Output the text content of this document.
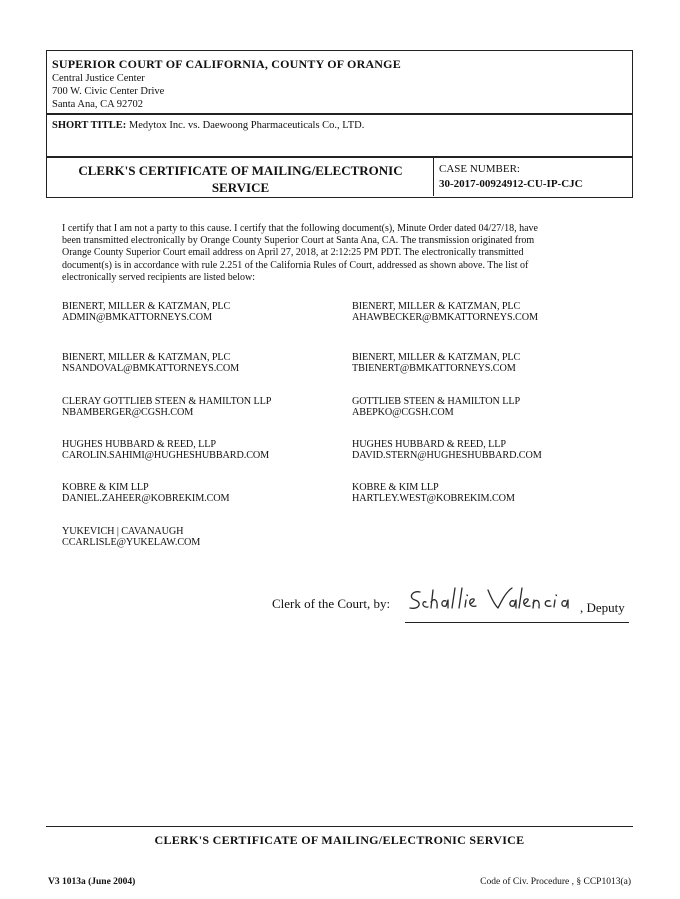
SUPERIOR COURT OF CALIFORNIA, COUNTY OF ORANGE
Central Justice Center
700 W. Civic Center Drive
Santa Ana, CA 92702
SHORT TITLE: Medytox Inc. vs. Daewoong Pharmaceuticals Co., LTD.
CLERK'S CERTIFICATE OF MAILING/ELECTRONIC
SERVICE
CASE NUMBER:
30-2017-00924912-CU-IP-CJC
I certify that I am not a party to this cause. I certify that the following document(s), Minute Order dated 04/27/18, have
been transmitted electronically by Orange County Superior Court at Santa Ana, CA. The transmission originated from
Orange County Superior Court email address on April 27, 2018, at 2:12:25 PM PDT. The electronically transmitted
document(s) is in accordance with rule 2.251 of the California Rules of Court, addressed as shown above. The list of
electronically served recipients are listed below:
BIENERT, MILLER & KATZMAN, PLC
ADMIN@BMKATTORNEYS.COM
BIENERT, MILLER & KATZMAN, PLC
AHAWBECKER@BMKATTORNEYS.COM
BIENERT, MILLER & KATZMAN, PLC
NSANDOVAL@BMKATTORNEYS.COM
BIENERT, MILLER & KATZMAN, PLC
TBIENERT@BMKATTORNEYS.COM
CLERAY GOTTLIEB STEEN & HAMILTON LLP
NBAMBERGER@CGSH.COM
GOTTLIEB STEEN & HAMILTON LLP
ABEPKO@CGSH.COM
HUGHES HUBBARD & REED, LLP
CAROLIN.SAHIMI@HUGHESHUBBARD.COM
HUGHES HUBBARD & REED, LLP
DAVID.STERN@HUGHESHUBBARD.COM
KOBRE & KIM LLP
DANIEL.ZAHEER@KOBREKIM.COM
KOBRE & KIM LLP
HARTLEY.WEST@KOBREKIM.COM
YUKEVICH | CAVANAUGH
CCARLISLE@YUKELAW.COM
Clerk of the Court, by:	, Deputy
CLERK'S CERTIFICATE OF MAILING/ELECTRONIC SERVICE
V3 1013a (June 2004)	Code of Civ. Procedure , § CCP1013(a)
